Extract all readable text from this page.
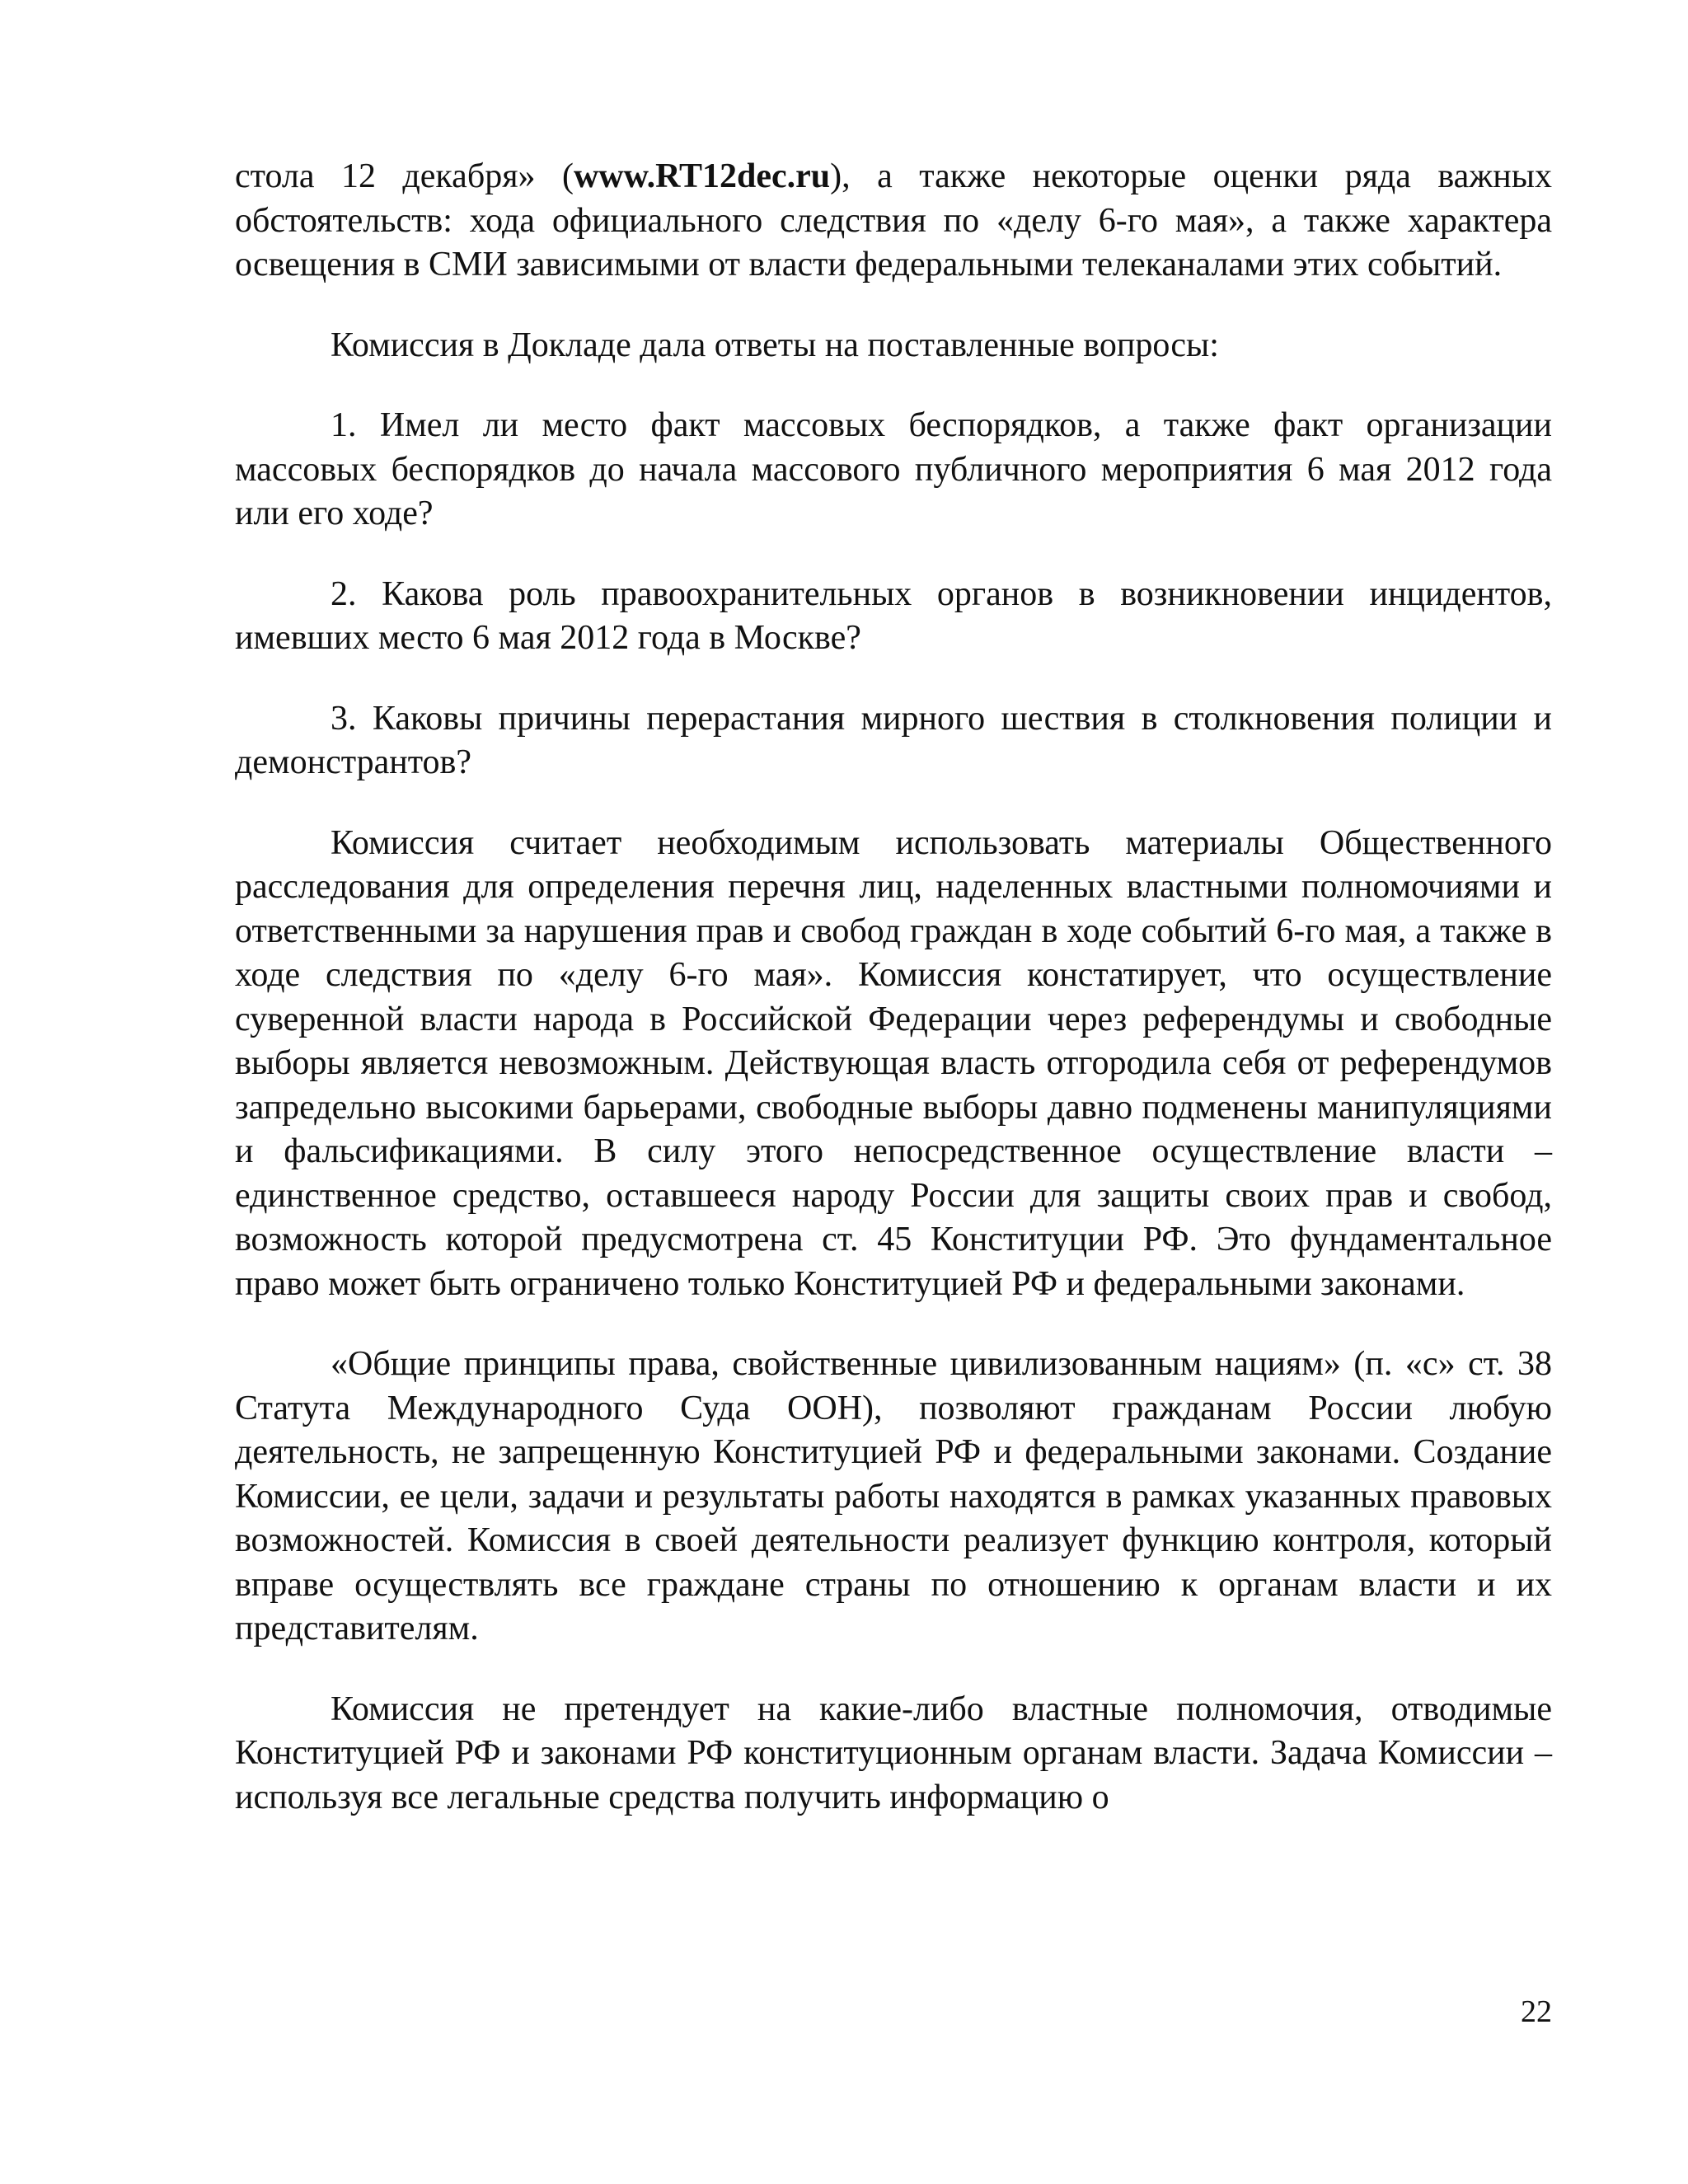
стола 12 декабря» (www.RT12dec.ru), а также некоторые оценки ряда важных обстоятельств: хода официального следствия по «делу 6-го мая», а также характера освещения в СМИ зависимыми от власти федеральными телеканалами этих событий.

Комиссия в Докладе дала ответы на поставленные вопросы:

1. Имел ли место факт массовых беспорядков, а также факт организации массовых беспорядков до начала массового публичного мероприятия 6 мая 2012 года или его ходе?

2. Какова роль правоохранительных органов в возникновении инцидентов, имевших место 6 мая 2012 года в Москве?

3. Каковы причины перерастания мирного шествия в столкновения полиции и демонстрантов?

Комиссия считает необходимым использовать материалы Общественного расследования для определения перечня лиц, наделенных властными полномочиями и ответственными за нарушения прав и свобод граждан в ходе событий 6-го мая, а также в ходе следствия по «делу 6-го мая». Комиссия констатирует, что осуществление суверенной власти народа в Российской Федерации через референдумы и свободные выборы является невозможным. Действующая власть отгородила себя от референдумов запредельно высокими барьерами, свободные выборы давно подменены манипуляциями и фальсификациями. В силу этого непосредственное осуществление власти – единственное средство, оставшееся народу России для защиты своих прав и свобод, возможность которой предусмотрена ст. 45 Конституции РФ. Это фундаментальное право может быть ограничено только Конституцией РФ и федеральными законами.

«Общие принципы права, свойственные цивилизованным нациям» (п. «с» ст. 38 Статута Международного Суда ООН), позволяют гражданам России любую деятельность, не запрещенную Конституцией РФ и федеральными законами. Создание Комиссии, ее цели, задачи и результаты работы находятся в рамках указанных правовых возможностей. Комиссия в своей деятельности реализует функцию контроля, который вправе осуществлять все граждане страны по отношению к органам власти и их представителям.

Комиссия не претендует на какие-либо властные полномочия, отводимые Конституцией РФ и законами РФ конституционным органам власти. Задача Комиссии – используя все легальные средства получить информацию о

22
